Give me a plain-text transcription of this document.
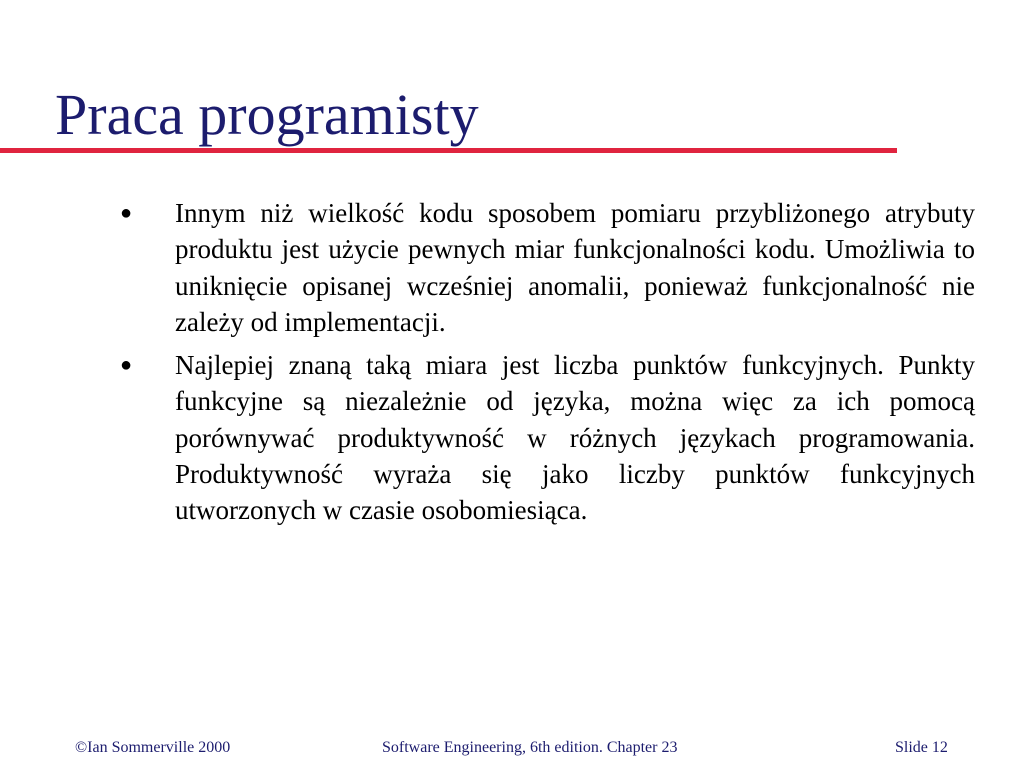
Praca programisty
● Innym niż wielkość kodu sposobem pomiaru przybliżonego atrybuty produktu jest użycie pewnych miar funkcjonalności kodu. Umożliwia to uniknięcie opisanej wcześniej anomalii, ponieważ funkcjonalność nie zależy od implementacji.
● Najlepiej znaną taką miara jest liczba punktów funkcyjnych. Punkty funkcyjne są niezależnie od języka, można więc za ich pomocą porównywać produktywność w różnych językach programowania. Produktywność wyraża się jako liczby punktów funkcyjnych utworzonych w czasie osobomiesiąca.
©Ian Sommerville 2000	Software Engineering, 6th edition. Chapter 23	Slide 12
